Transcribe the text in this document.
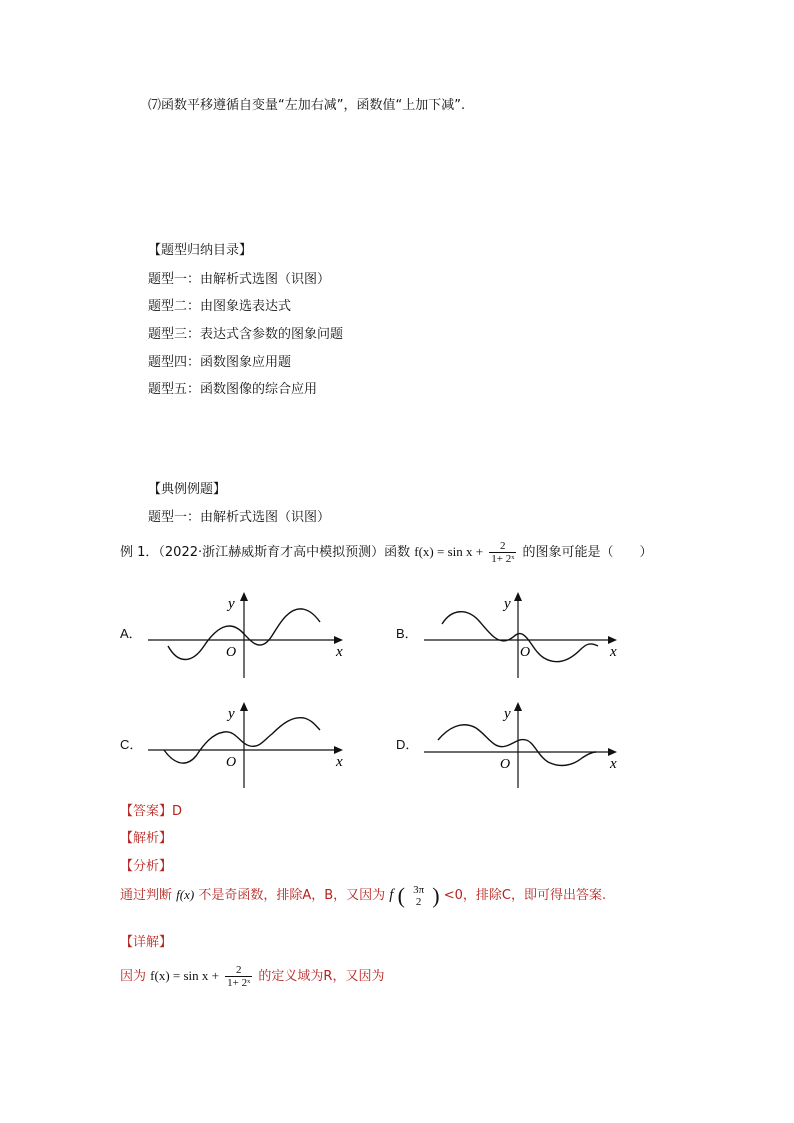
⑺函数平移遵循自变量“左加右减”，函数值“上加下减”.
【题型归纳目录】
题型一：由解析式选图（识图）
题型二：由图象选表达式
题型三：表达式含参数的图象问题
题型四：函数图象应用题
题型五：函数图像的综合应用
【典例例题】
题型一：由解析式选图（识图）
例 1．（2022·浙江赫威斯育才高中模拟预测）函数 $f(x) = \sin x + \frac{2}{\text{1+ 2ˣ}}$ 的图象可能是（　　）
A．	B．
C．	D．
y
O	x
y
O	x
y
O	x
y
O	x
【答案】D
【解析】
【分析】
通过判断 f(x) 不是奇函数，排除A，B，又因为 f ( 3π
2 ) <0，排除C，即可得出答案.
【详解】
因为 $f(x) = \sin x + \frac{2}{\text{1+ 2ˣ}}$ 的定义域为R，又因为
